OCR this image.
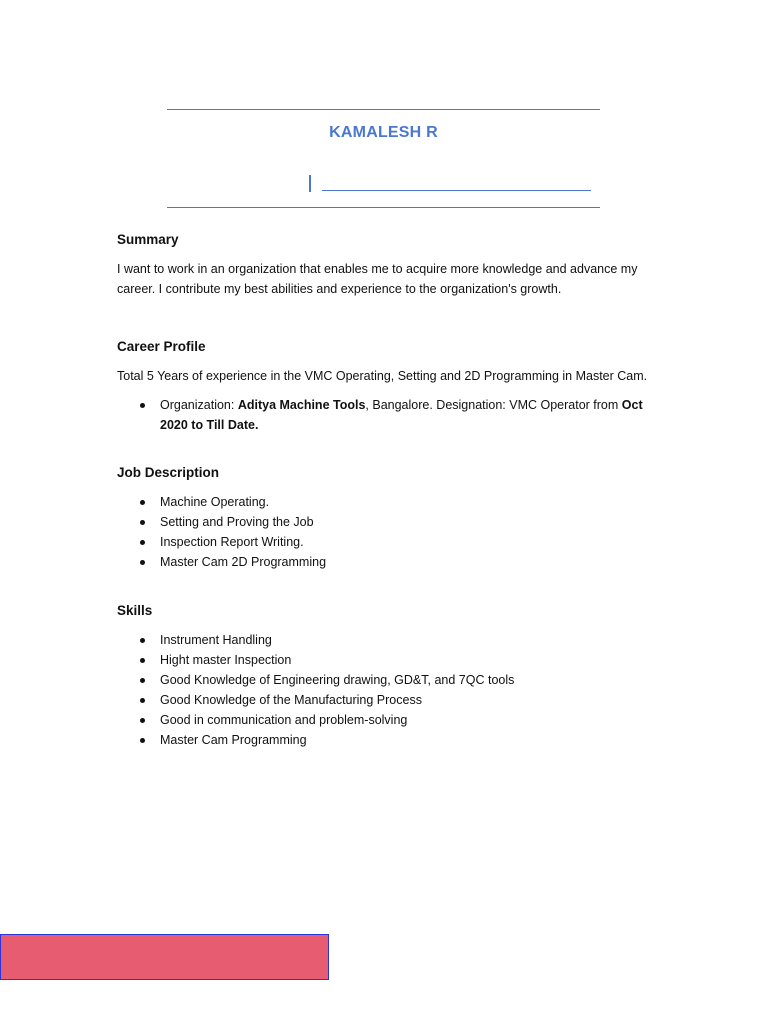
KAMALESH R
Summary

I want to work in an organization that enables me to acquire more knowledge and advance my career. I contribute my best abilities and experience to the organization's growth.

Career Profile

Total 5 Years of experience in the VMC Operating, Setting and 2D Programming in Master Cam.

Organization: Aditya Machine Tools, Bangalore. Designation: VMC Operator from Oct 2020 to Till Date.
Job Description
Machine Operating.
Setting and Proving the Job
Inspection Report Writing.
Master Cam 2D Programming
Skills
Instrument Handling
Hight master Inspection
Good Knowledge of Engineering drawing, GD&T, and 7QC tools
Good Knowledge of the Manufacturing Process
Good in communication and problem-solving
Master Cam Programming
